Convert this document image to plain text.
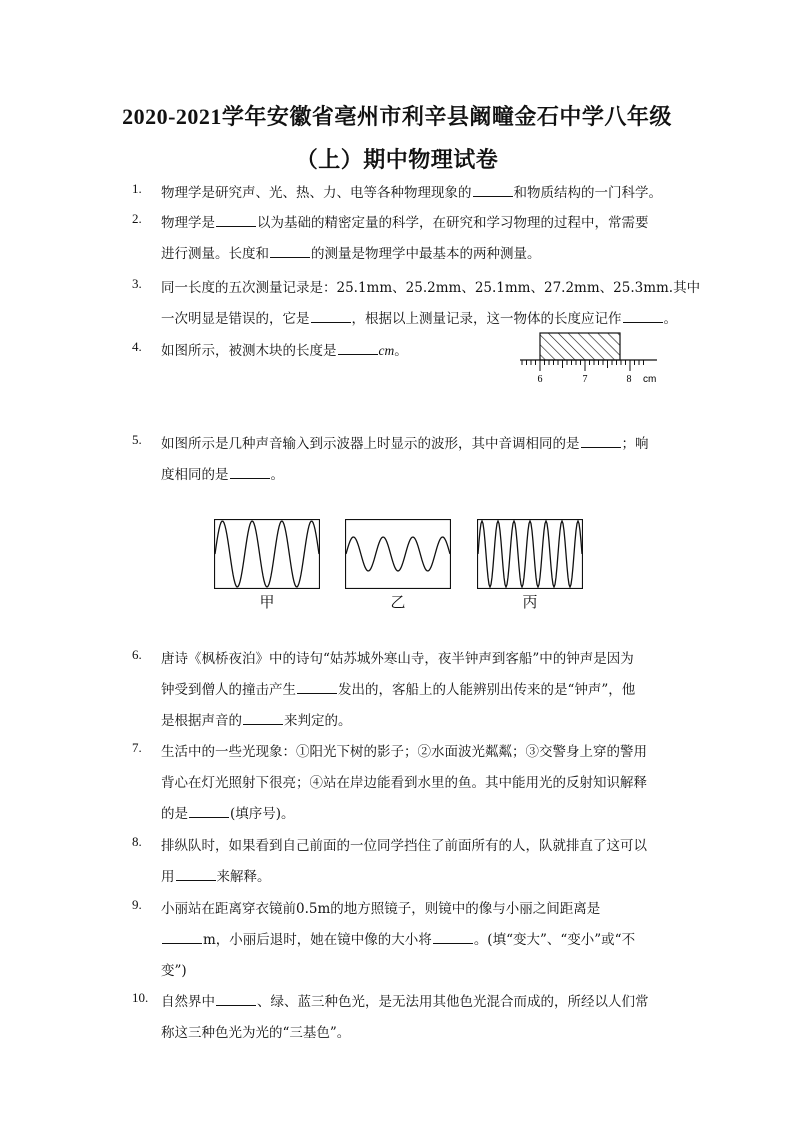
2020-2021学年安徽省亳州市利辛县阚疃金石中学八年级
（上）期中物理试卷
1.	物理学是研究声、光、热、力、电等各种物理现象的	和物质结构的一门科学。
2.	物理学是	以为基础的精密定量的科学，在研究和学习物理的过程中，常需要
进行测量。长度和	的测量是物理学中最基本的两种测量。
3.	同一长度的五次测量记录是：25.1mm、25.2mm、25.1mm、27.2mm、25.3mm.其中
一次明显是错误的，它是	，根据以上测量记录，这一物体的长度应记作	。
4.	如图所示，被测木块的长度是	cm。
5.	如图所示是几种声音输入到示波器上时显示的波形，其中音调相同的是	；响
度相同的是	。
6.	唐诗《枫桥夜泊》中的诗句“姑苏城外寒山寺，夜半钟声到客船”中的钟声是因为
钟受到僧人的撞击产生	发出的，客船上的人能辨别出传来的是“钟声”，他
是根据声音的	来判定的。
7.	生活中的一些光现象：①阳光下树的影子；②水面波光粼粼；③交警身上穿的警用
背心在灯光照射下很亮；④站在岸边能看到水里的鱼。其中能用光的反射知识解释
的是	(填序号)。
8.	排纵队时，如果看到自己前面的一位同学挡住了前面所有的人，队就排直了这可以
用	来解释。
9.	小丽站在距离穿衣镜前0.5m的地方照镜子，则镜中的像与小丽之间距离是
m，小丽后退时，她在镜中像的大小将	。(填“变大”、“变小”或“不
变”)
10. 自然界中	、绿、蓝三种色光，是无法用其他色光混合而成的，所经以人们常
称这三种色光为光的“三基色”。
6	7	8 cm
甲	乙	丙
